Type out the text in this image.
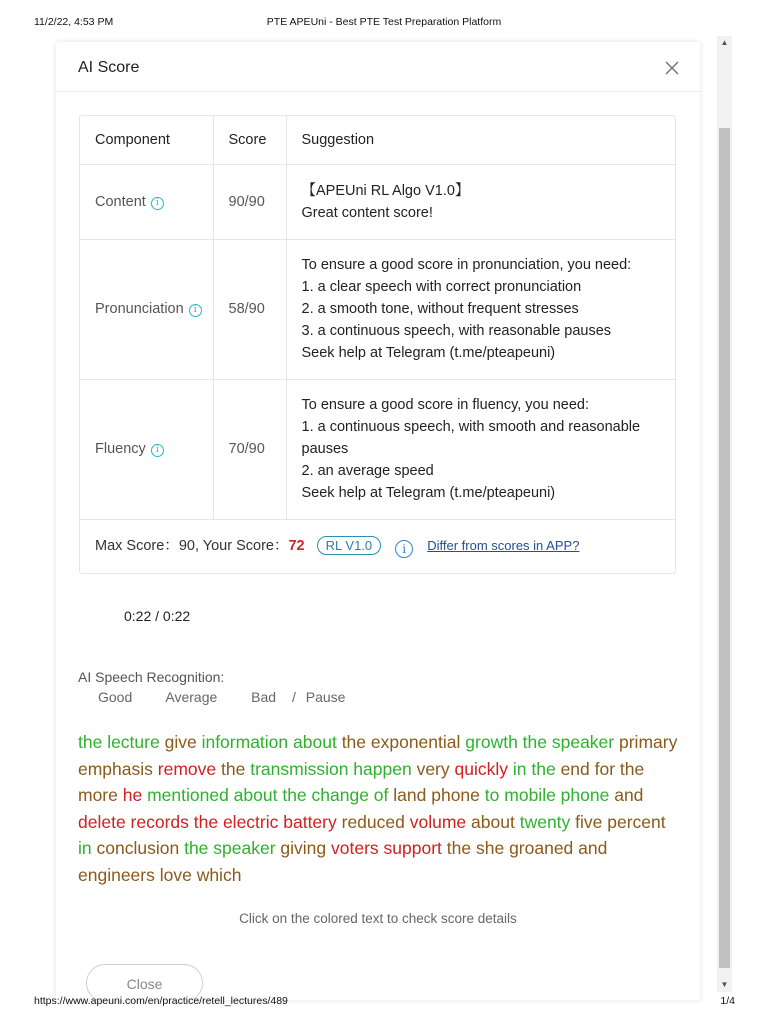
11/2/22, 4:53 PM	PTE APEUni - Best PTE Test Preparation Platform
▲
▼
AI Score
Component	Score	Suggestion
Content i	90/90	【APEUni RL Algo V1.0】
Great content score!

Pronunciation i	58/90	To ensure a good score in pronunciation, you need:
1. a clear speech with correct pronunciation
2. a smooth tone, without frequent stresses
3. a continuous speech, with reasonable pauses
Seek help at Telegram (t.me/pteapeuni)

Fluency i	70/90	To ensure a good score in fluency, you need:
1. a continuous speech, with smooth and reasonable pauses
2. an average speed
Seek help at Telegram (t.me/pteapeuni)

Max Score：90, Your Score：72 RL V1.0 i Differ from scores in APP?		
0:22 / 0:22
AI Speech Recognition:
Good Average Bad / Pause
the lecture give information about the exponential growth the speaker primary emphasis remove the transmission happen very quickly in the end for the more he mentioned about the change of land phone to mobile phone and delete records the electric battery reduced volume about twenty five percent in conclusion the speaker giving voters support the she groaned and engineers love which
Click on the colored text to check score details
Close
https://www.apeuni.com/en/practice/retell_lectures/489	1/4
